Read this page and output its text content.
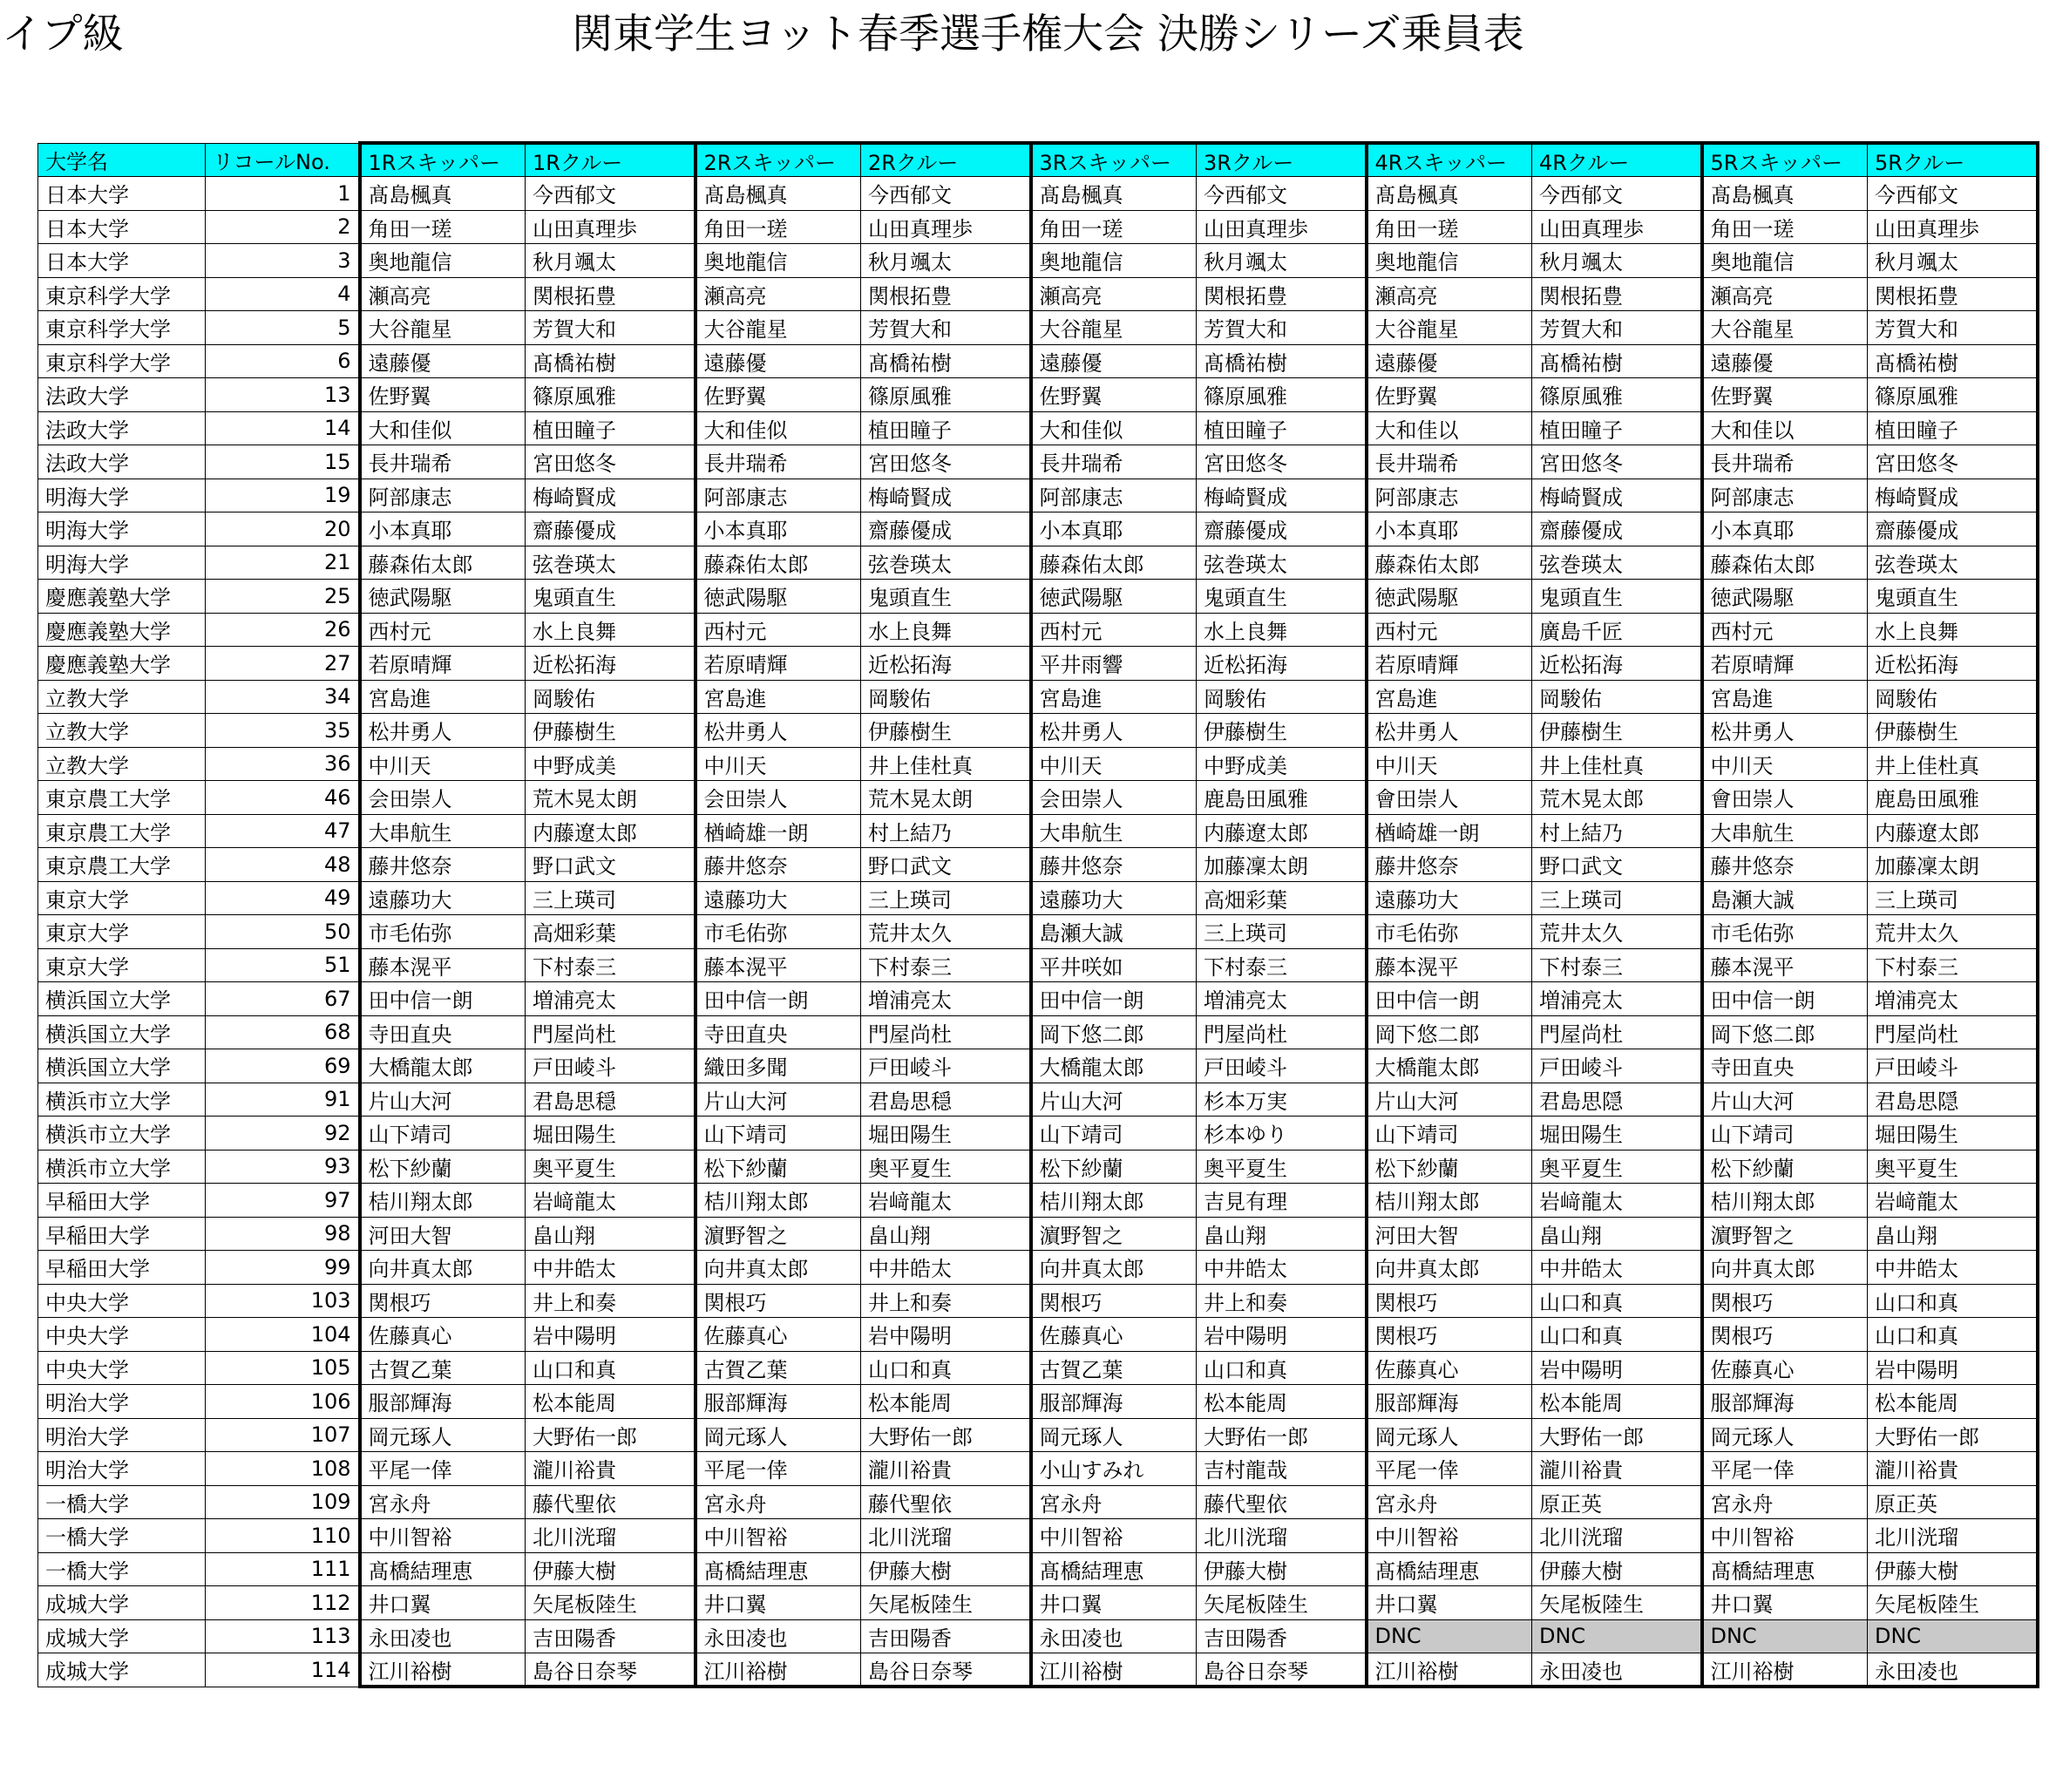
イプ級	関東学生ヨット春季選手権大会 決勝シリーズ乗員表
大学名	リコールNo.	1Rスキッパー	1Rクルー	2Rスキッパー	2Rクルー	3Rスキッパー	3Rクルー	4Rスキッパー	4Rクルー	5Rスキッパー	5Rクルー
日本大学	1	髙島楓真	今西郁文	髙島楓真	今西郁文	髙島楓真	今西郁文	髙島楓真	今西郁文	髙島楓真	今西郁文
日本大学	2	角田一瑳	山田真理歩	角田一瑳	山田真理歩	角田一瑳	山田真理歩	角田一瑳	山田真理歩	角田一瑳	山田真理歩
日本大学	3	奥地龍信	秋月颯太	奥地龍信	秋月颯太	奥地龍信	秋月颯太	奥地龍信	秋月颯太	奥地龍信	秋月颯太
東京科学大学	4	瀬高亮	関根拓豊	瀬高亮	関根拓豊	瀬高亮	関根拓豊	瀬高亮	関根拓豊	瀬高亮	関根拓豊
東京科学大学	5	大谷龍星	芳賀大和	大谷龍星	芳賀大和	大谷龍星	芳賀大和	大谷龍星	芳賀大和	大谷龍星	芳賀大和
東京科学大学	6	遠藤優	髙橋祐樹	遠藤優	髙橋祐樹	遠藤優	髙橋祐樹	遠藤優	髙橋祐樹	遠藤優	髙橋祐樹
法政大学	13	佐野翼	篠原風雅	佐野翼	篠原風雅	佐野翼	篠原風雅	佐野翼	篠原風雅	佐野翼	篠原風雅
法政大学	14	大和佳似	植田瞳子	大和佳似	植田瞳子	大和佳似	植田瞳子	大和佳以	植田瞳子	大和佳以	植田瞳子
法政大学	15	長井瑞希	宮田悠冬	長井瑞希	宮田悠冬	長井瑞希	宮田悠冬	長井瑞希	宮田悠冬	長井瑞希	宮田悠冬
明海大学	19	阿部康志	梅崎賢成	阿部康志	梅崎賢成	阿部康志	梅崎賢成	阿部康志	梅崎賢成	阿部康志	梅崎賢成
明海大学	20	小本真耶	齋藤優成	小本真耶	齋藤優成	小本真耶	齋藤優成	小本真耶	齋藤優成	小本真耶	齋藤優成
明海大学	21	藤森佑太郎	弦巻瑛太	藤森佑太郎	弦巻瑛太	藤森佑太郎	弦巻瑛太	藤森佑太郎	弦巻瑛太	藤森佑太郎	弦巻瑛太
慶應義塾大学	25	徳武陽駆	鬼頭直生	徳武陽駆	鬼頭直生	徳武陽駆	鬼頭直生	徳武陽駆	鬼頭直生	徳武陽駆	鬼頭直生
慶應義塾大学	26	西村元	水上良舞	西村元	水上良舞	西村元	水上良舞	西村元	廣島千匠	西村元	水上良舞
慶應義塾大学	27	若原晴輝	近松拓海	若原晴輝	近松拓海	平井雨響	近松拓海	若原晴輝	近松拓海	若原晴輝	近松拓海
立教大学	34	宮島進	岡駿佑	宮島進	岡駿佑	宮島進	岡駿佑	宮島進	岡駿佑	宮島進	岡駿佑
立教大学	35	松井勇人	伊藤樹生	松井勇人	伊藤樹生	松井勇人	伊藤樹生	松井勇人	伊藤樹生	松井勇人	伊藤樹生
立教大学	36	中川天	中野成美	中川天	井上佳杜真	中川天	中野成美	中川天	井上佳杜真	中川天	井上佳杜真
東京農工大学	46	会田崇人	荒木晃太朗	会田崇人	荒木晃太朗	会田崇人	鹿島田風雅	會田崇人	荒木晃太郎	會田崇人	鹿島田風雅
東京農工大学	47	大串航生	内藤遼太郎	楢崎雄一朗	村上結乃	大串航生	内藤遼太郎	楢崎雄一朗	村上結乃	大串航生	内藤遼太郎
東京農工大学	48	藤井悠奈	野口武文	藤井悠奈	野口武文	藤井悠奈	加藤凜太朗	藤井悠奈	野口武文	藤井悠奈	加藤凜太朗
東京大学	49	遠藤功大	三上瑛司	遠藤功大	三上瑛司	遠藤功大	高畑彩葉	遠藤功大	三上瑛司	島瀬大誠	三上瑛司
東京大学	50	市毛佑弥	高畑彩葉	市毛佑弥	荒井太久	島瀬大誠	三上瑛司	市毛佑弥	荒井太久	市毛佑弥	荒井太久
東京大学	51	藤本滉平	下村泰三	藤本滉平	下村泰三	平井咲如	下村泰三	藤本滉平	下村泰三	藤本滉平	下村泰三
横浜国立大学	67	田中信一朗	増浦亮太	田中信一朗	増浦亮太	田中信一朗	増浦亮太	田中信一朗	増浦亮太	田中信一朗	増浦亮太
横浜国立大学	68	寺田直央	門屋尚杜	寺田直央	門屋尚杜	岡下悠二郎	門屋尚杜	岡下悠二郎	門屋尚杜	岡下悠二郎	門屋尚杜
横浜国立大学	69	大橋龍太郎	戸田崚斗	織田多聞	戸田崚斗	大橋龍太郎	戸田崚斗	大橋龍太郎	戸田崚斗	寺田直央	戸田崚斗
横浜市立大学	91	片山大河	君島思穏	片山大河	君島思穏	片山大河	杉本万実	片山大河	君島思隠	片山大河	君島思隠
横浜市立大学	92	山下靖司	堀田陽生	山下靖司	堀田陽生	山下靖司	杉本ゆり	山下靖司	堀田陽生	山下靖司	堀田陽生
横浜市立大学	93	松下紗蘭	奥平夏生	松下紗蘭	奥平夏生	松下紗蘭	奥平夏生	松下紗蘭	奥平夏生	松下紗蘭	奥平夏生
早稲田大学	97	桔川翔太郎	岩﨑龍太	桔川翔太郎	岩﨑龍太	桔川翔太郎	吉見有理	桔川翔太郎	岩﨑龍太	桔川翔太郎	岩﨑龍太
早稲田大学	98	河田大智	畠山翔	濵野智之	畠山翔	濵野智之	畠山翔	河田大智	畠山翔	濵野智之	畠山翔
早稲田大学	99	向井真太郎	中井皓太	向井真太郎	中井皓太	向井真太郎	中井皓太	向井真太郎	中井皓太	向井真太郎	中井皓太
中央大学	103	関根巧	井上和奏	関根巧	井上和奏	関根巧	井上和奏	関根巧	山口和真	関根巧	山口和真
中央大学	104	佐藤真心	岩中陽明	佐藤真心	岩中陽明	佐藤真心	岩中陽明	関根巧	山口和真	関根巧	山口和真
中央大学	105	古賀乙葉	山口和真	古賀乙葉	山口和真	古賀乙葉	山口和真	佐藤真心	岩中陽明	佐藤真心	岩中陽明
明治大学	106	服部輝海	松本能周	服部輝海	松本能周	服部輝海	松本能周	服部輝海	松本能周	服部輝海	松本能周
明治大学	107	岡元琢人	大野佑一郎	岡元琢人	大野佑一郎	岡元琢人	大野佑一郎	岡元琢人	大野佑一郎	岡元琢人	大野佑一郎
明治大学	108	平尾一倖	瀧川裕貴	平尾一倖	瀧川裕貴	小山すみれ	吉村龍哉	平尾一倖	瀧川裕貴	平尾一倖	瀧川裕貴
一橋大学	109	宮永舟	藤代聖依	宮永舟	藤代聖依	宮永舟	藤代聖依	宮永舟	原正英	宮永舟	原正英
一橋大学	110	中川智裕	北川洸瑠	中川智裕	北川洸瑠	中川智裕	北川洸瑠	中川智裕	北川洸瑠	中川智裕	北川洸瑠
一橋大学	111	髙橋結理恵	伊藤大樹	髙橋結理恵	伊藤大樹	髙橋結理恵	伊藤大樹	髙橋結理恵	伊藤大樹	髙橋結理恵	伊藤大樹
成城大学	112	井口翼	矢尾板陸生	井口翼	矢尾板陸生	井口翼	矢尾板陸生	井口翼	矢尾板陸生	井口翼	矢尾板陸生
成城大学	113	永田凌也	吉田陽香	永田凌也	吉田陽香	永田凌也	吉田陽香	DNC	DNC	DNC	DNC
成城大学	114	江川裕樹	島谷日奈琴	江川裕樹	島谷日奈琴	江川裕樹	島谷日奈琴	江川裕樹	永田凌也	江川裕樹	永田凌也
